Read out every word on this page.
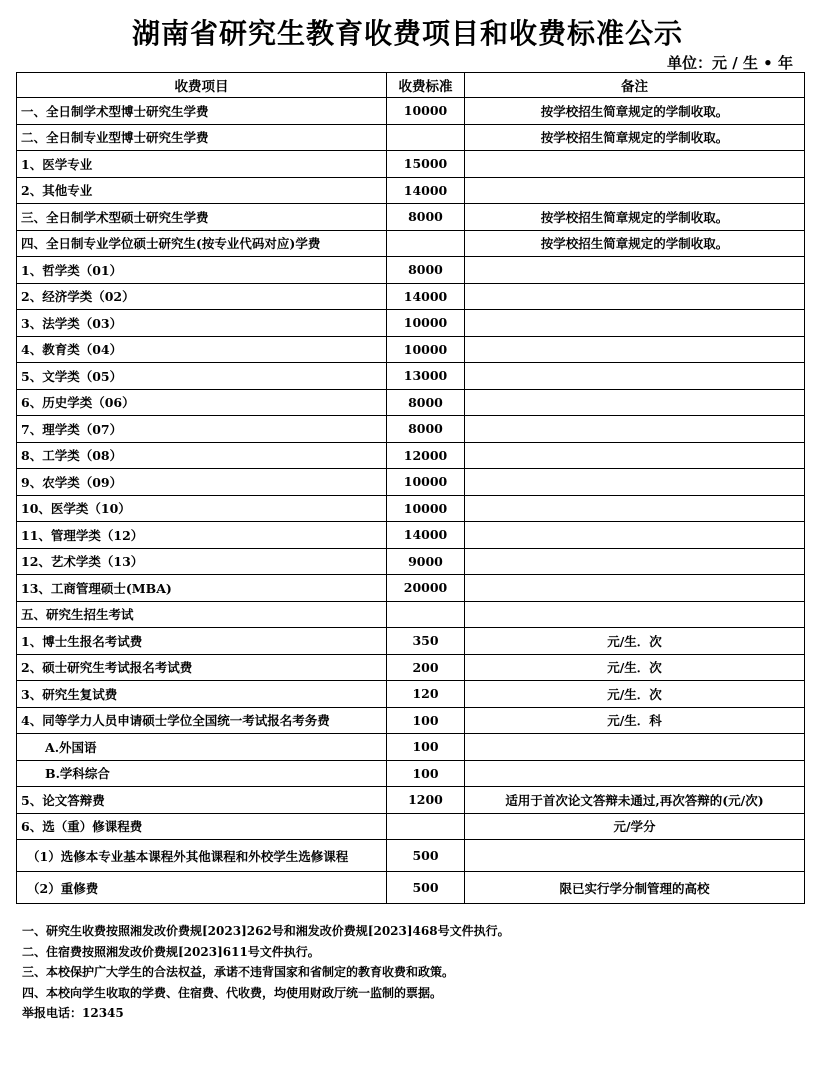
湖南省研究生教育收费项目和收费标准公示
单位：元 / 生 • 年
收费项目	收费标准	备注
一、全日制学术型博士研究生学费	10000	按学校招生简章规定的学制收取。
二、全日制专业型博士研究生学费		按学校招生简章规定的学制收取。
1、医学专业	15000	
2、其他专业	14000	
三、全日制学术型硕士研究生学费	8000	按学校招生简章规定的学制收取。
四、全日制专业学位硕士研究生(按专业代码对应)学费		按学校招生简章规定的学制收取。
1、哲学类（01）	8000	
2、经济学类（02）	14000	
3、法学类（03）	10000	
4、教育类（04）	10000	
5、文学类（05）	13000	
6、历史学类（06）	8000	
7、理学类（07）	8000	
8、工学类（08）	12000	
9、农学类（09）	10000	
10、医学类（10）	10000	
11、管理学类（12）	14000	
12、艺术学类（13）	9000	
13、工商管理硕士(MBA)	20000	
五、研究生招生考试		
1、博士生报名考试费	350	元/生．次
2、硕士研究生考试报名考试费	200	元/生．次
3、研究生复试费	120	元/生．次
4、同等学力人员申请硕士学位全国统一考试报名考务费	100	元/生．科
A.外国语	100	
B.学科综合	100	
5、论文答辩费	1200	适用于首次论文答辩未通过,再次答辩的(元/次)
6、选（重）修课程费		元/学分
（1）选修本专业基本课程外其他课程和外校学生选修课程	500	
（2）重修费	500	限已实行学分制管理的高校
一、研究生收费按照湘发改价费规[2023]262号和湘发改价费规[2023]468号文件执行。
二、住宿费按照湘发改价费规[2023]611号文件执行。
三、本校保护广大学生的合法权益，承诺不违背国家和省制定的教育收费和政策。
四、本校向学生收取的学费、住宿费、代收费，均使用财政厅统一监制的票据。
举报电话：12345
